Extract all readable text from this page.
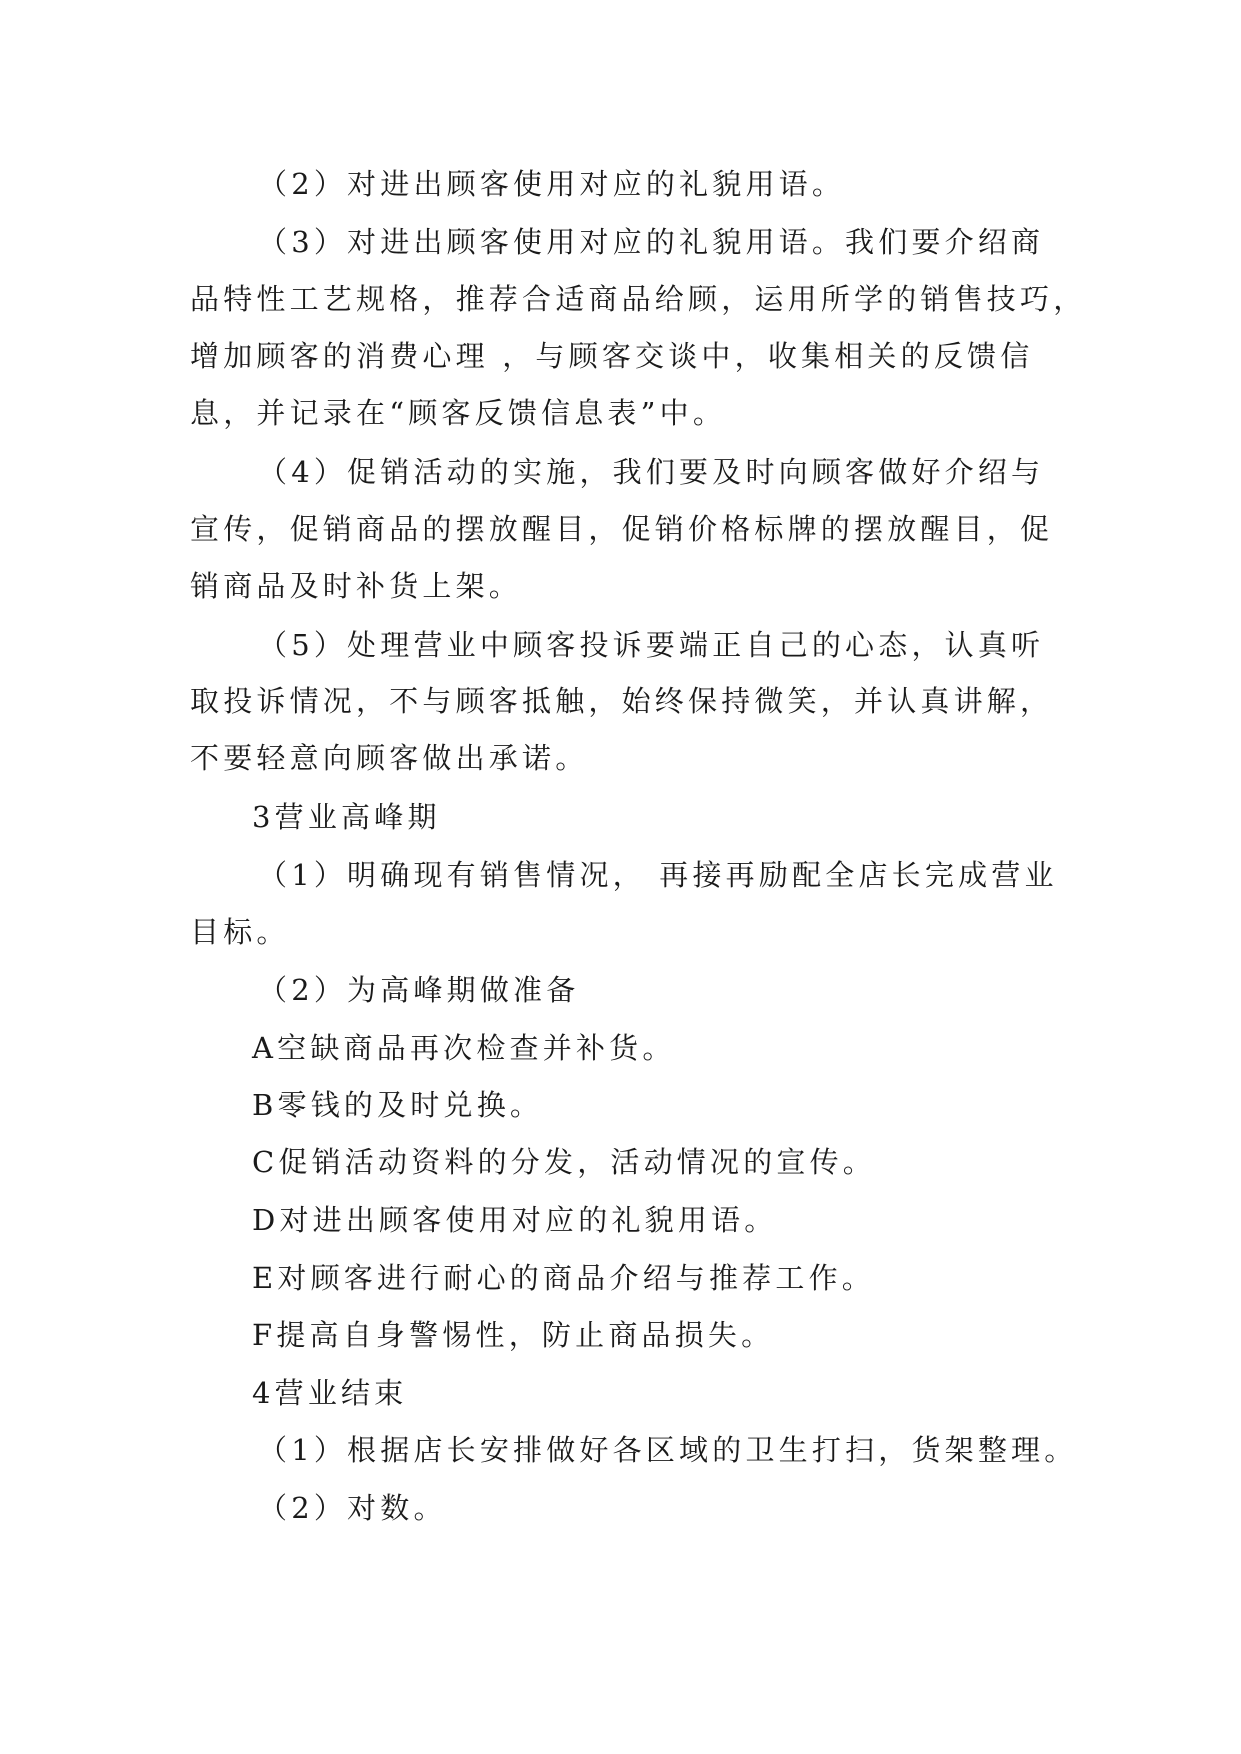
（2）对进出顾客使用对应的礼貌用语。
（3）对进出顾客使用对应的礼貌用语。我们要介绍商
品特性工艺规格，推荐合适商品给顾，运用所学的销售技巧，
增加顾客的消费心理 ，与顾客交谈中，收集相关的反馈信
息，并记录在“顾客反馈信息表”中。
（4）促销活动的实施，我们要及时向顾客做好介绍与
宣传，促销商品的摆放醒目，促销价格标牌的摆放醒目，促
销商品及时补货上架。
（5）处理营业中顾客投诉要端正自己的心态，认真听
取投诉情况，不与顾客抵触，始终保持微笑，并认真讲解，
不要轻意向顾客做出承诺。
3营业高峰期
（1）明确现有销售情况， 再接再励配全店长完成营业
目标。
（2）为高峰期做准备
A空缺商品再次检查并补货。
B零钱的及时兑换。
C促销活动资料的分发，活动情况的宣传。
D对进出顾客使用对应的礼貌用语。
E对顾客进行耐心的商品介绍与推荐工作。
F提高自身警惕性，防止商品损失。
4营业结束
（1）根据店长安排做好各区域的卫生打扫，货架整理。
（2）对数。
